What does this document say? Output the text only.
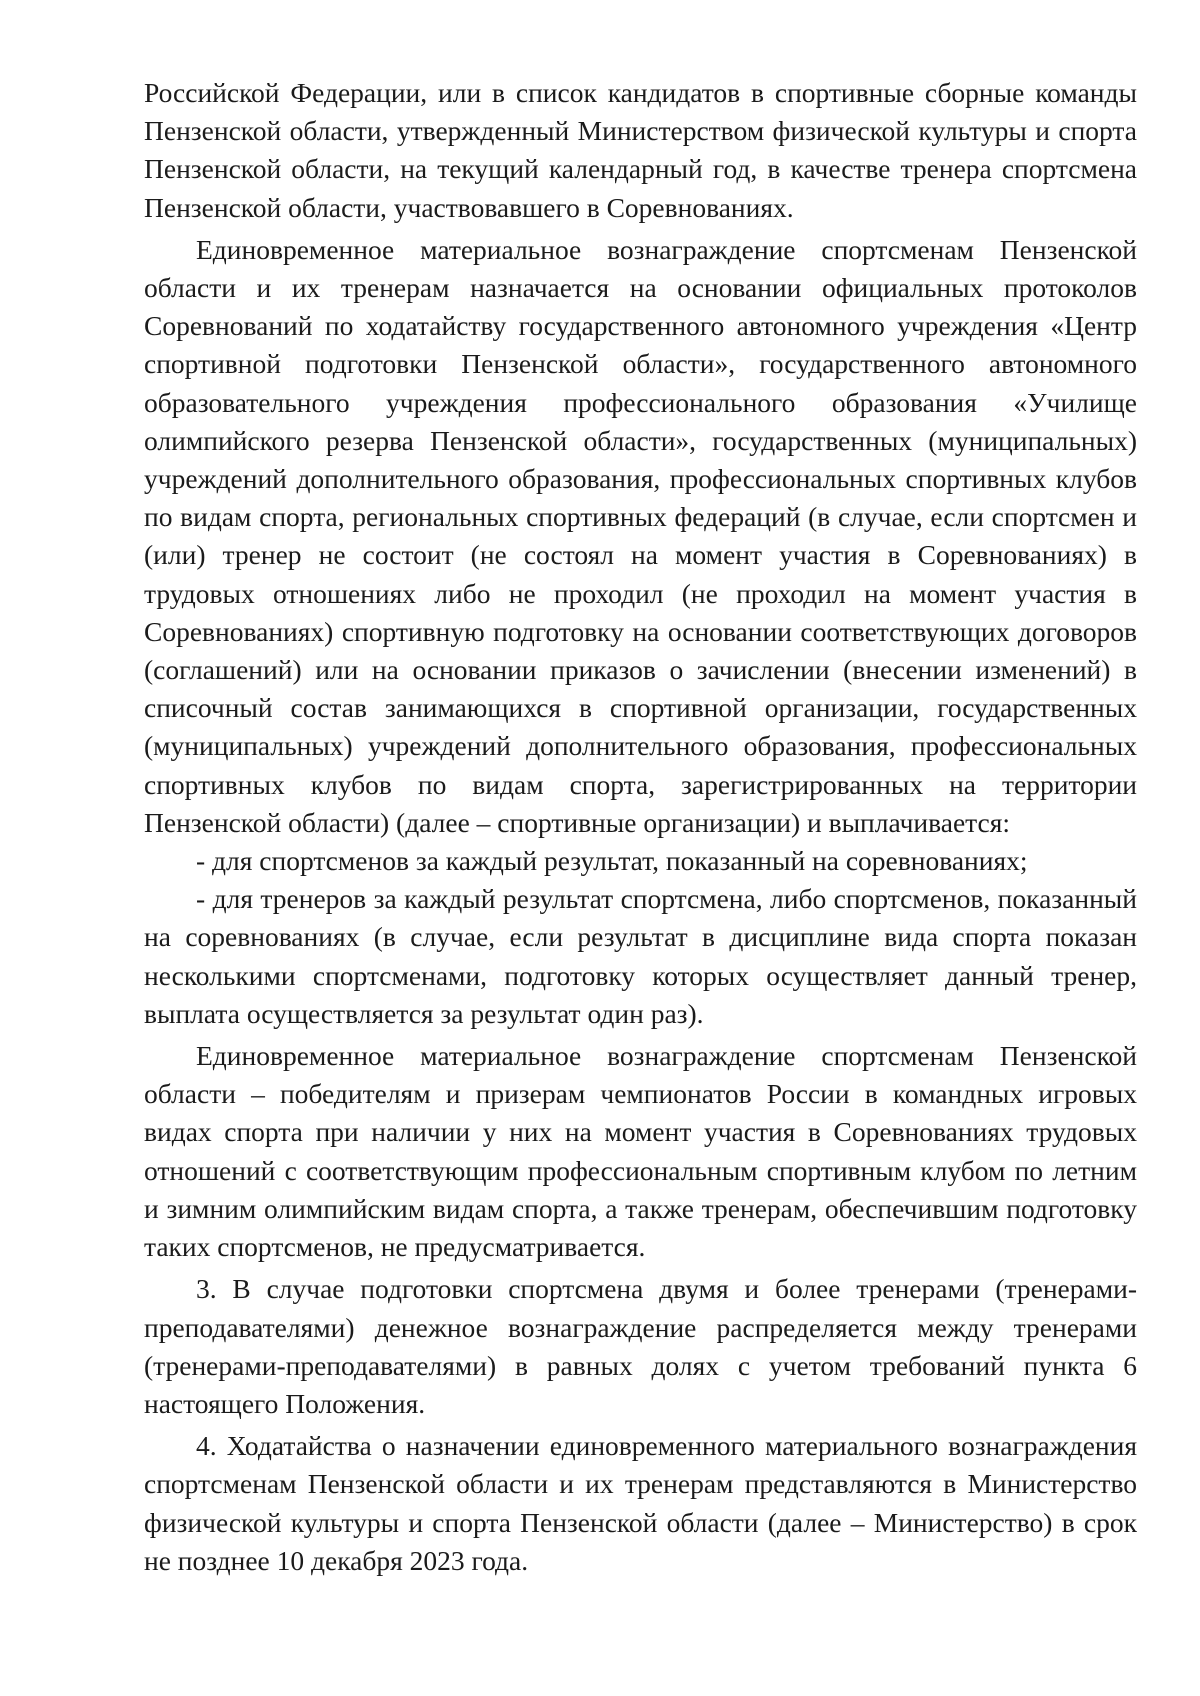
Российской Федерации, или в список кандидатов в спортивные сборные команды Пензенской области, утвержденный Министерством физической культуры и спорта Пензенской области, на текущий календарный год, в качестве тренера спортсмена Пензенской области, участвовавшего в Соревнованиях.

Единовременное материальное вознаграждение спортсменам Пензенской области и их тренерам назначается на основании официальных протоколов Соревнований по ходатайству государственного автономного учреждения «Центр спортивной подготовки Пензенской области», государственного автономного образовательного учреждения профессионального образования «Училище олимпийского резерва Пензенской области», государственных (муниципальных) учреждений дополнительного образования, профессиональных спортивных клубов по видам спорта, региональных спортивных федераций (в случае, если спортсмен и (или) тренер не состоит (не состоял на момент участия в Соревнованиях) в трудовых отношениях либо не проходил (не проходил на момент участия в Соревнованиях) спортивную подготовку на основании соответствующих договоров (соглашений) или на основании приказов о зачислении (внесении изменений) в списочный состав занимающихся в спортивной организации, государственных (муниципальных) учреждений дополнительного образования, профессиональных спортивных клубов по видам спорта, зарегистрированных на территории Пензенской области) (далее – спортивные организации) и выплачивается:

- для спортсменов за каждый результат, показанный на соревнованиях;

- для тренеров за каждый результат спортсмена, либо спортсменов, показанный на соревнованиях (в случае, если результат в дисциплине вида спорта показан несколькими спортсменами, подготовку которых осуществляет данный тренер, выплата осуществляется за результат один раз).

Единовременное материальное вознаграждение спортсменам Пензенской области – победителям и призерам чемпионатов России в командных игровых видах спорта при наличии у них на момент участия в Соревнованиях трудовых отношений с соответствующим профессиональным спортивным клубом по летним и зимним олимпийским видам спорта, а также тренерам, обеспечившим подготовку таких спортсменов, не предусматривается.

3. В случае подготовки спортсмена двумя и более тренерами (тренерами-преподавателями) денежное вознаграждение распределяется между тренерами (тренерами-преподавателями) в равных долях с учетом требований пункта 6 настоящего Положения.

4. Ходатайства о назначении единовременного материального вознаграждения спортсменам Пензенской области и их тренерам представляются в Министерство физической культуры и спорта Пензенской области (далее – Министерство) в срок не позднее 10 декабря 2023 года.
